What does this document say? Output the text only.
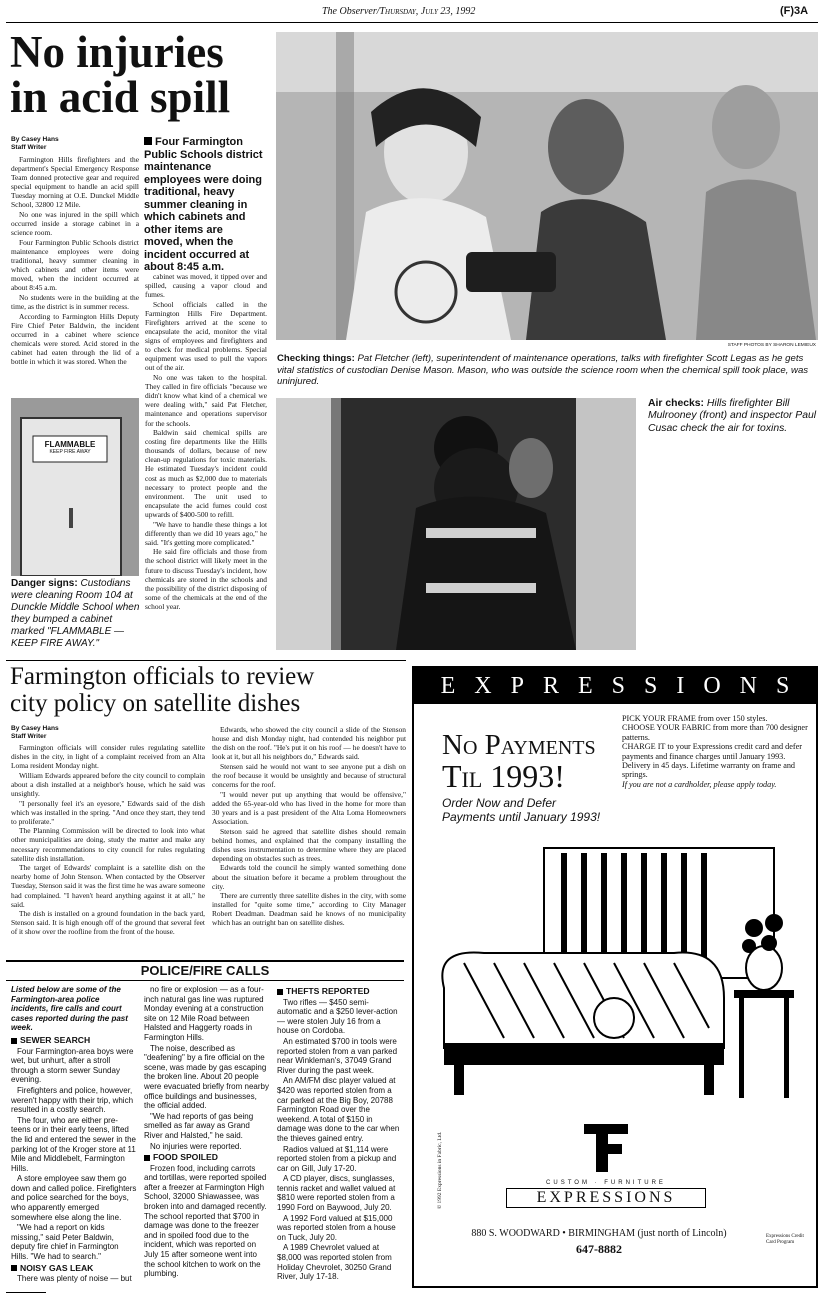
The Observer/Thursday, July 23, 1992	(F)3A
No injuries
in acid spill
By Casey Hans
Staff Writer

Farmington Hills firefighters and the department's Special Emergency Response Team donned protective gear and required special equipment to handle an acid spill Tuesday morning at O.E. Dunckel Middle School, 32800 12 Mile.

No one was injured in the spill which occurred inside a storage cabinet in a science room.

Four Farmington Public Schools district maintenance employees were doing traditional, heavy summer cleaning in which cabinets and other items were moved, when the incident occurred at about 8:45 a.m.

No students were in the building at the time, as the district is in summer recess.

According to Farmington Hills Deputy Fire Chief Peter Baldwin, the incident occurred in a cabinet where science chemicals were stored. Acid stored in the cabinet had eaten through the lid of a bottle in which it was stored. When the

Four Farmington Public Schools district maintenance employees were doing traditional, heavy summer cleaning in which cabinets and other items are moved, when the incident occurred at about 8:45 a.m.

cabinet was moved, it tipped over and spilled, causing a vapor cloud and fumes.

School officials called in the Farmington Hills Fire Department. Firefighters arrived at the scene to encapsulate the acid, monitor the vital signs of employees and firefighters and to check for medical problems. Special equipment was used to pull the vapors out of the air.

No one was taken to the hospital. They called in fire officials "because we didn't know what kind of a chemical we were dealing with," said Pat Fletcher, maintenance and operations supervisor for the schools.

Baldwin said chemical spills are costing fire departments like the Hills thousands of dollars, because of new clean-up regulations for toxic materials. He estimated Tuesday's incident could cost as much as $2,000 due to materials necessary to protect people and the environment. The unit used to encapsulate the acid fumes could cost upwards of $400-500 to refill.

"We have to handle these things a lot differently than we did 10 years ago," he said. "It's getting more complicated."

He said fire officials and those from the school district will likely meet in the future to discuss Tuesday's incident, how chemicals are stored in the schools and the possibility of the district disposing of some of the chemicals at the end of the school year.

STAFF PHOTOS BY SHARON LEMIEUX
Checking things: Pat Fletcher (left), superintendent of maintenance operations, talks with firefighter Scott Legas as he gets vital statistics of custodian Denise Mason. Mason, who was outside the science room when the chemical spill took place, was uninjured.
FLAMMABLE
KEEP FIRE AWAY
Danger signs: Custodians were cleaning Room 104 at Dunckle Middle School when they bumped a cabinet marked "FLAMMABLE — KEEP FIRE AWAY."
Air checks: Hills firefighter Bill Mulrooney (front) and inspector Paul Cusac check the air for toxins.
Farmington officials to review
city policy on satellite dishes
By Casey Hans
Staff Writer

Farmington officials will consider rules regulating satellite dishes in the city, in light of a complaint received from an Alta Loma resident Monday night.

William Edwards appeared before the city council to complain about a dish installed at a neighbor's house, which he said was unsightly.

"I personally feel it's an eyesore," Edwards said of the dish which was installed in the spring. "And once they start, they tend to proliferate."

The Planning Commission will be directed to look into what other municipalities are doing, study the matter and make any necessary recommendations to city council for rules regulating satellite dish installation.

The target of Edwards' complaint is a satellite dish on the nearby home of John Stenson. When contacted by the Observer Tuesday, Stenson said it was the first time he was aware someone had complained. "I haven't heard anything against it at all," he said.

The dish is installed on a ground foundation in the back yard, Stenson said. It is high enough off of the ground that several feet of it show over the roofline from the front of the house.

Edwards, who showed the city council a slide of the Stenson house and dish Monday night, had contended his neighbor put the dish on the roof. "He's put it on his roof — he doesn't have to look at it, but all his neighbors do," Edwards said.

Stensen said he would not want to see anyone put a dish on the roof because it would be unsightly and because of structural concerns for the roof.

"I would never put up anything that would be offensive," added the 65-year-old who has lived in the home for more than 30 years and is a past president of the Alta Loma Homeowners Association.

Stetson said he agreed that satellite dishes should remain behind homes, and explained that the company installing the dishes uses instrumentation to determine where they are placed depending on obstacles such as trees.

Edwards told the council he simply wanted something done about the situation before it became a problem throughout the city.

There are currently three satellite dishes in the city, with some installed for "quite some time," according to City Manager Robert Deadman. Deadman said he knows of no municipality which has an outright ban on satellite dishes.

POLICE/FIRE CALLS
Listed below are some of the Farmington-area police incidents, fire calls and court cases reported during the past week.
SEWER SEARCH

Four Farmington-area boys were wet, but unhurt, after a stroll through a storm sewer Sunday evening.

Firefighters and police, however, weren't happy with their trip, which resulted in a costly search.

The four, who are either pre-teens or in their early teens, lifted the lid and entered the sewer in the parking lot of the Kroger store at 11 Mile and Middlebelt, Farmington Hills.

A store employee saw them go down and called police. Firefighters and police searched for the boys, who apparently emerged somewhere else along the line.

"We had a report on kids missing," said Peter Baldwin, deputy fire chief in Farmington Hills. "We had to search."

NOISY GAS LEAK

There was plenty of noise — but

no fire or explosion — as a four-inch natural gas line was ruptured Monday evening at a construction site on 12 Mile Road between Halsted and Haggerty roads in Farmington Hills.

The noise, described as "deafening" by a fire official on the scene, was made by gas escaping the broken line. About 20 people were evacuated briefly from nearby office buildings and businesses, the official added.

"We had reports of gas being smelled as far away as Grand River and Halsted," he said.

No injuries were reported.

FOOD SPOILED

Frozen food, including carrots and tortillas, were reported spoiled after a freezer at Farmington High School, 32000 Shiawassee, was broken into and damaged recently. The school reported that $700 in damage was done to the freezer and in spoiled food due to the incident, which was reported on July 15 after someone went into the school kitchen to work on the plumbing.

THEFTS REPORTED

Two rifles — $450 semi-automatic and a $250 lever-action — were stolen July 16 from a house on Cordoba.

An estimated $700 in tools were reported stolen from a van parked near Winkleman's, 37049 Grand River during the past week.

An AM/FM disc player valued at $420 was reported stolen from a car parked at the Big Boy, 20788 Farmington Road over the weekend. A total of $150 in damage was done to the car when the thieves gained entry.

Radios valued at $1,114 were reported stolen from a pickup and car on Gill, July 17-20.

A CD player, discs, sunglasses, tennis racket and wallet valued at $810 were reported stolen from a 1990 Ford on Baywood, July 20.

A 1992 Ford valued at $15,000 was reported stolen from a house on Tuck, July 20.

A 1989 Chevrolet valued at $8,000 was reported stolen from Holiday Chevrolet, 30250 Grand River, July 17-18.

EXPRESSIONS
No Payments
Til 1993!
Order Now and Defer
Payments until January 1993!
PICK YOUR FRAME from over 150 styles.
CHOOSE YOUR FABRIC from more than 700 designer patterns.
CHARGE IT to your Expressions credit card and defer payments and finance charges until January 1993.
Delivery in 45 days. Lifetime warranty on frame and springs.
If you are not a cardholder, please apply today.
CUSTOM · FURNITURE
EXPRESSIONS
© 1992 Expressions in Fabric, Ltd.
880 S. WOODWARD • BIRMINGHAM (just north of Lincoln)
647-8882
Expressions Credit Card Program
